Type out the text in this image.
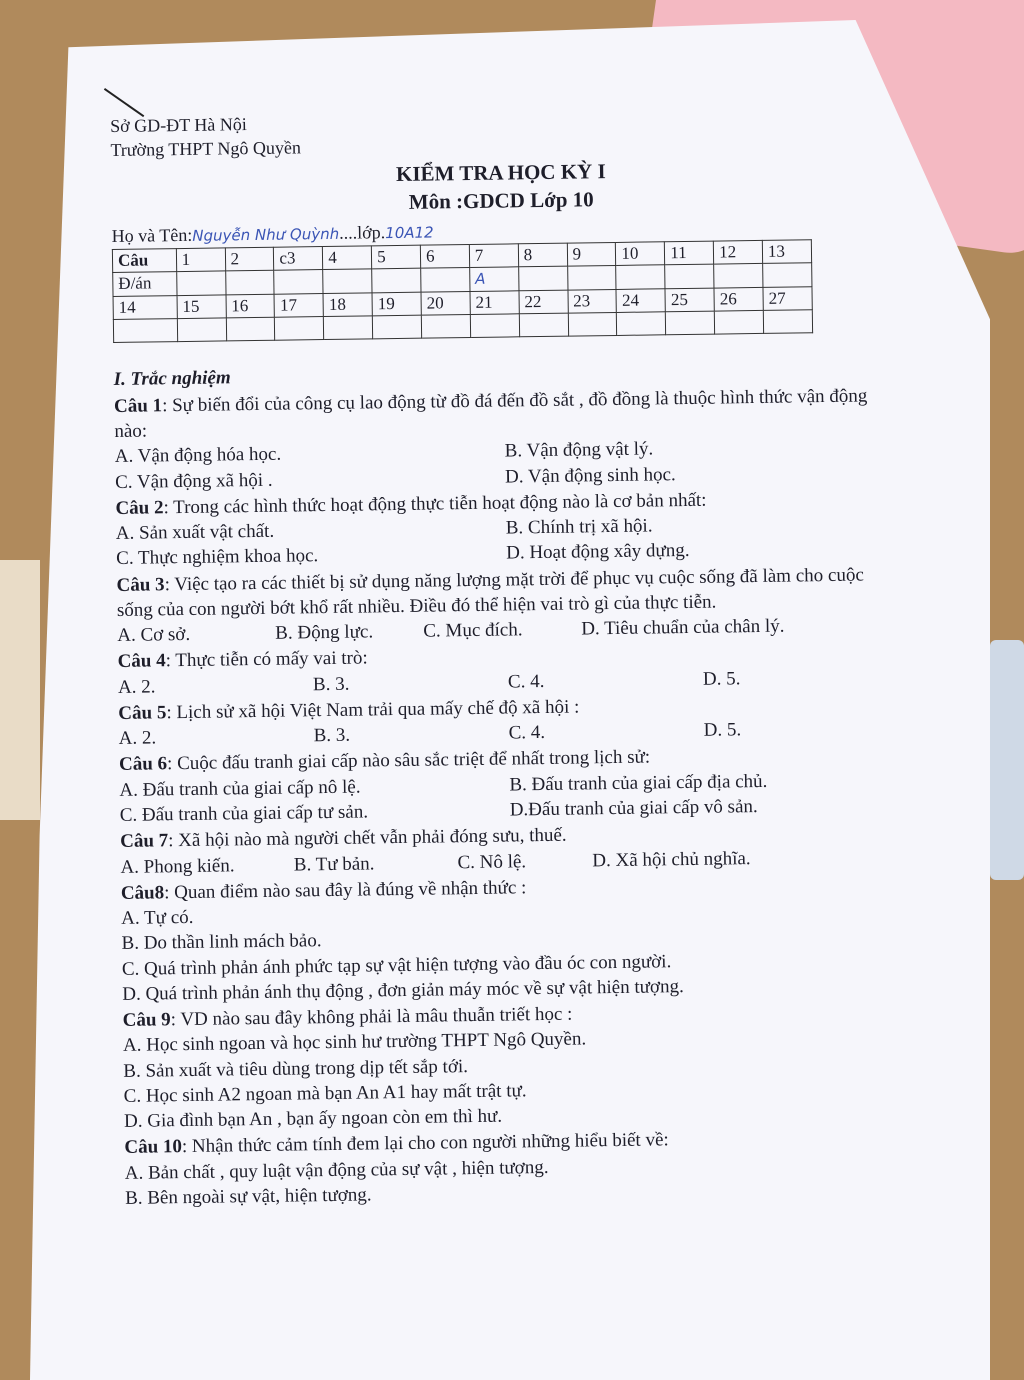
Sở GD-ĐT Hà Nội
Trường THPT Ngô Quyền
KIỂM TRA HỌC KỲ I
Môn :GDCD Lớp 10
Họ và Tên:Nguyễn Như Quỳnh....lớp.10A12
Câu	1	2	c3	4	5	6	7	8	9	10	11	12	13
Đ/án							A						
14	15	16	17	18	19	20	21	22	23	24	25	26	27

I. Trắc nghiệm
Câu 1: Sự biến đổi của công cụ lao động từ đồ đá đến đồ sắt , đồ đồng là thuộc hình thức vận động nào:
A. Vận động hóa học.	B. Vận động vật lý.
C. Vận động xã hội .	D. Vận động sinh học.
Câu 2: Trong các hình thức hoạt động thực tiễn hoạt động nào là cơ bản nhất:
A. Sản xuất vật chất.	B. Chính trị xã hội.
C. Thực nghiệm khoa học.	D. Hoạt động xây dựng.
Câu 3: Việc tạo ra các thiết bị sử dụng năng lượng mặt trời để phục vụ cuộc sống đã làm cho cuộc sống của con người bớt khổ rất nhiều. Điều đó thể hiện vai trò gì của thực tiễn.
A. Cơ sở.	B. Động lực.	C. Mục đích.	D. Tiêu chuẩn của chân lý.
Câu 4: Thực tiễn có mấy vai trò:
A. 2.	B. 3.	C. 4.	D. 5.
Câu 5: Lịch sử xã hội Việt Nam trải qua mấy chế độ xã hội :
A. 2.	B. 3.	C. 4.	D. 5.
Câu 6: Cuộc đấu tranh giai cấp nào sâu sắc triệt để nhất trong lịch sử:
A. Đấu tranh của giai cấp nô lệ.	B. Đấu tranh của giai cấp địa chủ.
C. Đấu tranh của giai cấp tư sản.	D.Đấu tranh của giai cấp vô sản.
Câu 7: Xã hội nào mà người chết vẫn phải đóng sưu, thuế.
A. Phong kiến.	B. Tư bản.	C. Nô lệ.	D. Xã hội chủ nghĩa.
Câu8: Quan điểm nào sau đây là đúng về nhận thức :
A. Tự có.
B. Do thần linh mách bảo.
C. Quá trình phản ánh phức tạp sự vật hiện tượng vào đầu óc con người.
D. Quá trình phản ánh thụ động , đơn giản máy móc về sự vật hiện tượng.
Câu 9: VD nào sau đây không phải là mâu thuẫn triết học :
A. Học sinh ngoan và học sinh hư trường THPT Ngô Quyền.
B. Sản xuất và tiêu dùng trong dịp tết sắp tới.
C. Học sinh A2 ngoan mà bạn An A1 hay mất trật tự.
D. Gia đình bạn An , bạn ấy ngoan còn em thì hư.
Câu 10: Nhận thức cảm tính đem lại cho con người những hiểu biết về:
A. Bản chất , quy luật vận động của sự vật , hiện tượng.
B. Bên ngoài sự vật, hiện tượng.
